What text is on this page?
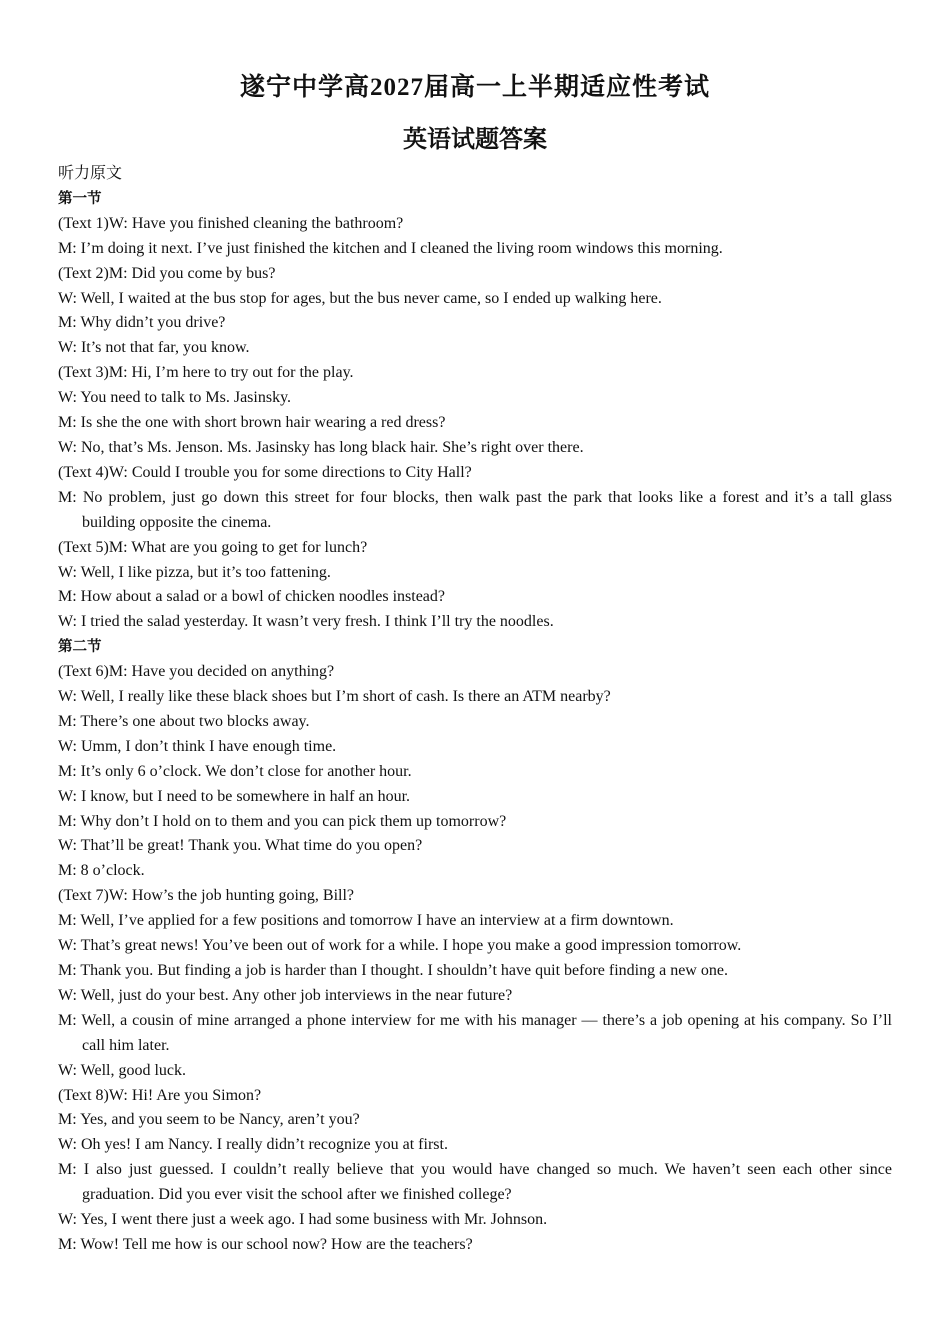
遂宁中学高2027届高一上半期适应性考试
英语试题答案

听力原文

第一节

(Text 1)W: Have you finished cleaning the bathroom?

M: I’m doing it next. I’ve just finished the kitchen and I cleaned the living room windows this morning.

(Text 2)M: Did you come by bus?

W: Well, I waited at the bus stop for ages, but the bus never came, so I ended up walking here.

M: Why didn’t you drive?

W: It’s not that far, you know.

(Text 3)M: Hi, I’m here to try out for the play.

W: You need to talk to Ms. Jasinsky.

M: Is she the one with short brown hair wearing a red dress?

W: No, that’s Ms. Jenson. Ms. Jasinsky has long black hair. She’s right over there.

(Text 4)W: Could I trouble you for some directions to City Hall?

M: No problem, just go down this street for four blocks, then walk past the park that looks like a forest and it’s a tall glass building opposite the cinema.

(Text 5)M: What are you going to get for lunch?

W: Well, I like pizza, but it’s too fattening.

M: How about a salad or a bowl of chicken noodles instead?

W: I tried the salad yesterday. It wasn’t very fresh. I think I’ll try the noodles.

第二节

(Text 6)M: Have you decided on anything?

W: Well, I really like these black shoes but I’m short of cash. Is there an ATM nearby?

M: There’s one about two blocks away.

W: Umm, I don’t think I have enough time.

M: It’s only 6 o’clock. We don’t close for another hour.

W: I know, but I need to be somewhere in half an hour.

M: Why don’t I hold on to them and you can pick them up tomorrow?

W: That’ll be great! Thank you. What time do you open?

M: 8 o’clock.

(Text 7)W: How’s the job hunting going, Bill?

M: Well, I’ve applied for a few positions and tomorrow I have an interview at a firm downtown.

W: That’s great news! You’ve been out of work for a while. I hope you make a good impression tomorrow.

M: Thank you. But finding a job is harder than I thought. I shouldn’t have quit before finding a new one.

W: Well, just do your best. Any other job interviews in the near future?

M: Well, a cousin of mine arranged a phone interview for me with his manager — there’s a job opening at his company. So I’ll call him later.

W: Well, good luck.

(Text 8)W: Hi! Are you Simon?

M: Yes, and you seem to be Nancy, aren’t you?

W: Oh yes! I am Nancy. I really didn’t recognize you at first.

M: I also just guessed. I couldn’t really believe that you would have changed so much. We haven’t seen each other since graduation. Did you ever visit the school after we finished college?

W: Yes, I went there just a week ago. I had some business with Mr. Johnson.

M: Wow! Tell me how is our school now? How are the teachers?
